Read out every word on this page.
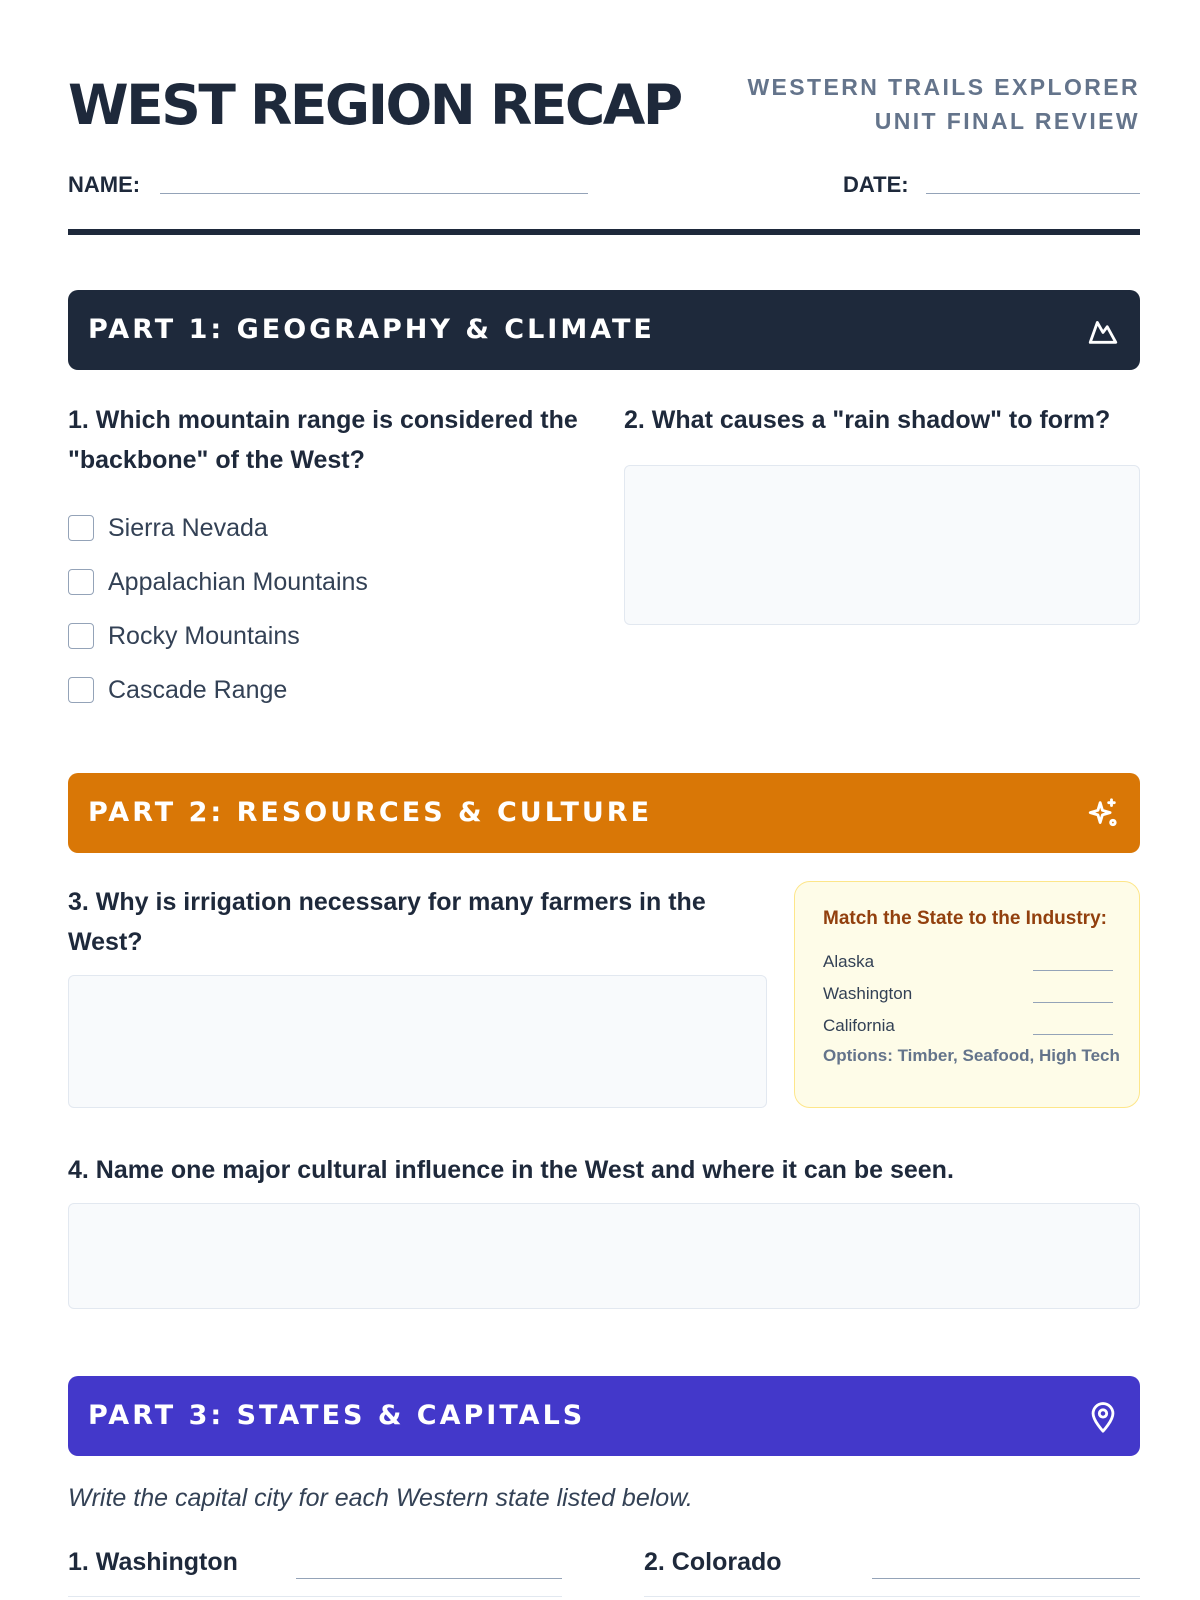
WEST REGION RECAP	WESTERN TRAILS EXPLORER
UNIT FINAL REVIEW
NAME:	DATE:
PART 1: GEOGRAPHY & CLIMATE
1. Which mountain range is considered the "backbone" of the West?
Sierra Nevada
Appalachian Mountains
Rocky Mountains
Cascade Range
2. What causes a "rain shadow" to form?
PART 2: RESOURCES & CULTURE
3. Why is irrigation necessary for many farmers in the West?
Match the State to the Industry:
Alaska
Washington
California
Options: Timber, Seafood, High Tech
4. Name one major cultural influence in the West and where it can be seen.
PART 3: STATES & CAPITALS
Write the capital city for each Western state listed below.
1. Washington	2. Colorado
